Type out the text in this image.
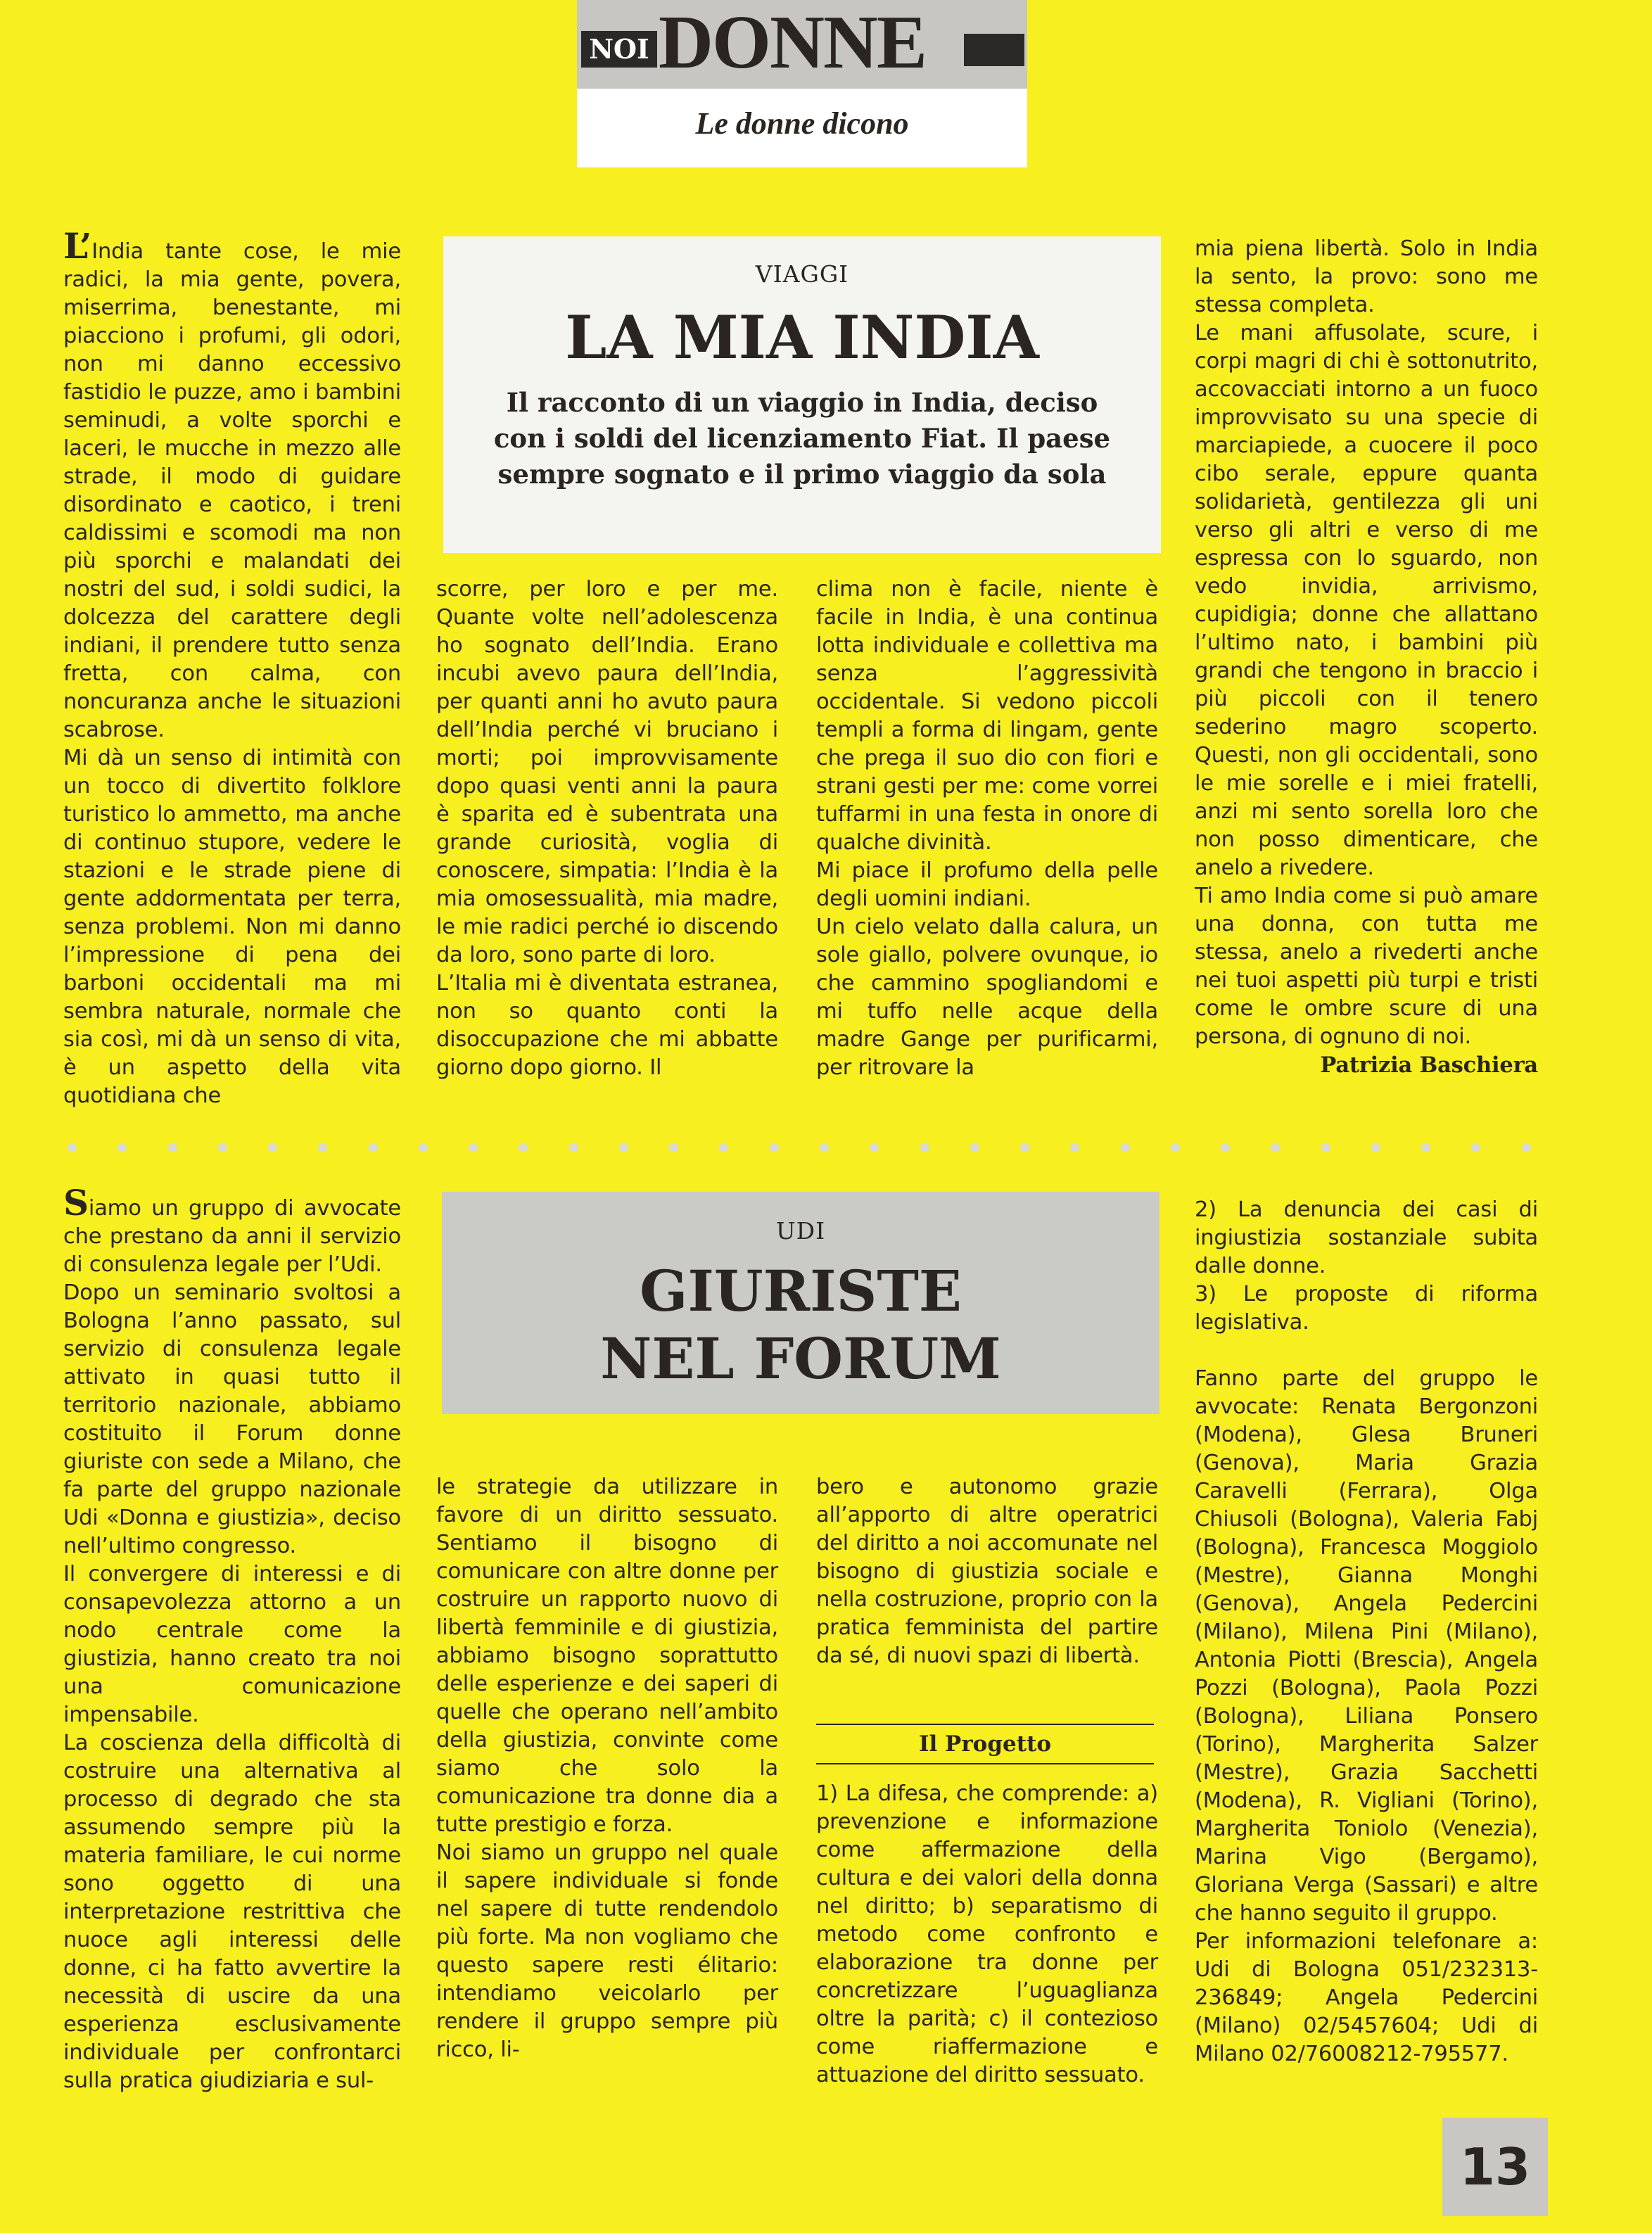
NOI DONNE
Le donne dicono
VIAGGI
LA MIA INDIA
Il racconto di un viaggio in India, deciso con i soldi del licenziamento Fiat. Il paese sempre sognato e il primo viaggio da sola

L’India tante cose, le mie radici, la mia gente, povera, miserrima, benestante, mi piacciono i profumi, gli odori, non mi danno eccessivo fastidio le puzze, amo i bambini seminudi, a volte sporchi e laceri, le mucche in mezzo alle strade, il modo di guidare disordinato e caotico, i treni caldissimi e scomodi ma non più sporchi e malandati dei nostri del sud, i soldi sudici, la dolcezza del carattere degli indiani, il prendere tutto senza fretta, con calma, con noncuranza anche le situazioni scabrose.

Mi dà un senso di intimità con un tocco di divertito folklore turistico lo ammetto, ma anche di continuo stupore, vedere le stazioni e le strade piene di gente addormentata per terra, senza problemi. Non mi danno l’impressione di pena dei barboni occidentali ma mi sembra naturale, normale che sia così, mi dà un senso di vita, è un aspetto della vita quotidiana che

scorre, per loro e per me. Quante volte nell’adolescenza ho sognato dell’India. Erano incubi avevo paura dell’India, per quanti anni ho avuto paura dell’India perché vi bruciano i morti; poi improvvisamente dopo quasi venti anni la paura è sparita ed è subentrata una grande curiosità, voglia di conoscere, simpatia: l’India è la mia omosessualità, mia madre, le mie radici perché io discendo da loro, sono parte di loro.

L’Italia mi è diventata estranea, non so quanto conti la disoccupazione che mi abbatte giorno dopo giorno. Il

clima non è facile, niente è facile in India, è una continua lotta individuale e collettiva ma senza l’aggressività occidentale. Si vedono piccoli templi a forma di lingam, gente che prega il suo dio con fiori e strani gesti per me: come vorrei tuffarmi in una festa in onore di qualche divinità.

Mi piace il profumo della pelle degli uomini indiani.

Un cielo velato dalla calura, un sole giallo, polvere ovunque, io che cammino spogliandomi e mi tuffo nelle acque della madre Gange per purificarmi, per ritrovare la

mia piena libertà. Solo in India la sento, la provo: sono me stessa completa.

Le mani affusolate, scure, i corpi magri di chi è sottonutrito, accovacciati intorno a un fuoco improvvisato su una specie di marciapiede, a cuocere il poco cibo serale, eppure quanta solidarietà, gentilezza gli uni verso gli altri e verso di me espressa con lo sguardo, non vedo invidia, arrivismo, cupidigia; donne che allattano l’ultimo nato, i bambini più grandi che tengono in braccio i più piccoli con il tenero sederino magro scoperto. Questi, non gli occidentali, sono le mie sorelle e i miei fratelli, anzi mi sento sorella loro che non posso dimenticare, che anelo a rivedere.

Ti amo India come si può amare una donna, con tutta me stessa, anelo a rivederti anche nei tuoi aspetti più turpi e tristi come le ombre scure di una persona, di ognuno di noi.

Patrizia Baschiera

UDI
GIURISTE
NEL FORUM

Siamo un gruppo di avvocate che prestano da anni il servizio di consulenza legale per l’Udi.

Dopo un seminario svoltosi a Bologna l’anno passato, sul servizio di consulenza legale attivato in quasi tutto il territorio nazionale, abbiamo costituito il Forum donne giuriste con sede a Milano, che fa parte del gruppo nazionale Udi «Donna e giustizia», deciso nell’ultimo congresso.

Il convergere di interessi e di consapevolezza attorno a un nodo centrale come la giustizia, hanno creato tra noi una comunicazione impensabile.

La coscienza della difficoltà di costruire una alternativa al processo di degrado che sta assumendo sempre più la materia familiare, le cui norme sono oggetto di una interpretazione restrittiva che nuoce agli interessi delle donne, ci ha fatto avvertire la necessità di uscire da una esperienza esclusivamente individuale per confrontarci sulla pratica giudiziaria e sul-

le strategie da utilizzare in favore di un diritto sessuato. Sentiamo il bisogno di comunicare con altre donne per costruire un rapporto nuovo di libertà femminile e di giustizia, abbiamo bisogno soprattutto delle esperienze e dei saperi di quelle che operano nell’ambito della giustizia, convinte come siamo che solo la comunicazione tra donne dia a tutte prestigio e forza.

Noi siamo un gruppo nel quale il sapere individuale si fonde nel sapere di tutte rendendolo più forte. Ma non vogliamo che questo sapere resti élitario: intendiamo veicolarlo per rendere il gruppo sempre più ricco, li-

bero e autonomo grazie all’apporto di altre operatrici del diritto a noi accomunate nel bisogno di giustizia sociale e nella costruzione, proprio con la pratica femminista del partire da sé, di nuovi spazi di libertà.

Il Progetto

1) La difesa, che comprende: a) prevenzione e informazione come affermazione della cultura e dei valori della donna nel diritto; b) separatismo di metodo come confronto e elaborazione tra donne per concretizzare l’uguaglianza oltre la parità; c) il contezioso come riaffermazione e attuazione del diritto sessuato.

2) La denuncia dei casi di ingiustizia sostanziale subita dalle donne.

3) Le proposte di riforma legislativa.

Fanno parte del gruppo le avvocate: Renata Bergonzoni (Modena), Glesa Bruneri (Genova), Maria Grazia Caravelli (Ferrara), Olga Chiusoli (Bologna), Valeria Fabj (Bologna), Francesca Moggiolo (Mestre), Gianna Monghi (Genova), Angela Pedercini (Milano), Milena Pini (Milano), Antonia Piotti (Brescia), Angela Pozzi (Bologna), Paola Pozzi (Bologna), Liliana Ponsero (Torino), Margherita Salzer (Mestre), Grazia Sacchetti (Modena), R. Vigliani (Torino), Margherita Toniolo (Venezia), Marina Vigo (Bergamo), Gloriana Verga (Sassari) e altre che hanno seguito il gruppo.

Per informazioni telefonare a: Udi di Bologna 051/232313-236849; Angela Pedercini (Milano) 02/5457604; Udi di Milano 02/76008212-795577.

13
